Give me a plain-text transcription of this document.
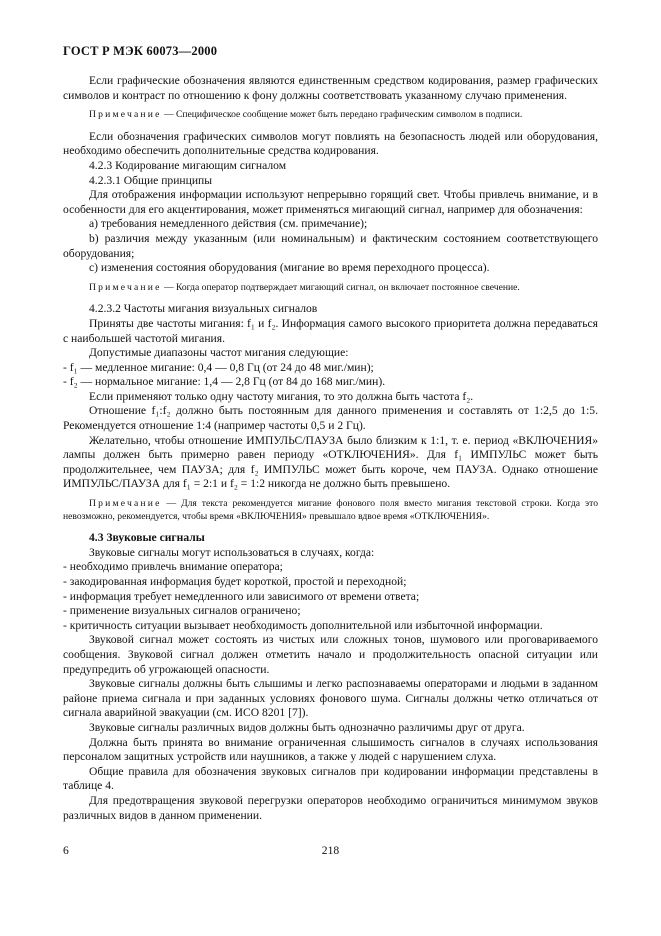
ГОСТ Р МЭК 60073—2000

Если графические обозначения являются единственным средством кодирования, размер графических символов и контраст по отношению к фону должны соответствовать указанному случаю применения.

Примечание — Специфическое сообщение может быть передано графическим символом в подписи.

Если обозначения графических символов могут повлиять на безопасность людей или оборудования, необходимо обеспечить дополнительные средства кодирования.

4.2.3 Кодирование мигающим сигналом

4.2.3.1 Общие принципы

Для отображения информации используют непрерывно горящий свет. Чтобы привлечь внимание, и в особенности для его акцентирования, может применяться мигающий сигнал, например для обозначения:

а) требования немедленного действия (см. примечание);

b) различия между указанным (или номинальным) и фактическим состоянием соответствующего оборудования;

с) изменения состояния оборудования (мигание во время переходного процесса).

Примечание — Когда оператор подтверждает мигающий сигнал, он включает постоянное свечение.

4.2.3.2 Частоты мигания визуальных сигналов

Приняты две частоты мигания: f₁ и f₂. Информация самого высокого приоритета должна передаваться с наибольшей частотой мигания.

Допустимые диапазоны частот мигания следующие:

- f₁ — медленное мигание: 0,4 — 0,8 Гц (от 24 до 48 миг./мин);

- f₂ — нормальное мигание: 1,4 — 2,8 Гц (от 84 до 168 миг./мин).

Если применяют только одну частоту мигания, то это должна быть частота f₂.

Отношение f₁:f₂ должно быть постоянным для данного применения и составлять от 1:2,5 до 1:5. Рекомендуется отношение 1:4 (например частоты 0,5 и 2 Гц).

Желательно, чтобы отношение ИМПУЛЬС/ПАУЗА было близким к 1:1, т. е. период «ВКЛЮЧЕНИЯ» лампы должен быть примерно равен периоду «ОТКЛЮЧЕНИЯ». Для f₁ ИМПУЛЬС может быть продолжительнее, чем ПАУЗА; для f₂ ИМПУЛЬС может быть короче, чем ПАУЗА. Однако отношение ИМПУЛЬС/ПАУЗА для f₁ = 2:1 и f₂ = 1:2 никогда не должно быть превышено.

Примечание — Для текста рекомендуется мигание фонового поля вместо мигания текстовой строки. Когда это невозможно, рекомендуется, чтобы время «ВКЛЮЧЕНИЯ» превышало вдвое время «ОТКЛЮЧЕНИЯ».

4.3 Звуковые сигналы

Звуковые сигналы могут использоваться в случаях, когда:

- необходимо привлечь внимание оператора;

- закодированная информация будет короткой, простой и переходной;

- информация требует немедленного или зависимого от времени ответа;

- применение визуальных сигналов ограничено;

- критичность ситуации вызывает необходимость дополнительной или избыточной информации.

Звуковой сигнал может состоять из чистых или сложных тонов, шумового или проговариваемого сообщения. Звуковой сигнал должен отметить начало и продолжительность опасной ситуации или предупредить об угрожающей опасности.

Звуковые сигналы должны быть слышимы и легко распознаваемы операторами и людьми в заданном районе приема сигнала и при заданных условиях фонового шума. Сигналы должны четко отличаться от сигнала аварийной эвакуации (см. ИСО 8201 [7]).

Звуковые сигналы различных видов должны быть однозначно различимы друг от друга.

Должна быть принята во внимание ограниченная слышимость сигналов в случаях использования персоналом защитных устройств или наушников, а также у людей с нарушением слуха.

Общие правила для обозначения звуковых сигналов при кодировании информации представлены в таблице 4.

Для предотвращения звуковой перегрузки операторов необходимо ограничиться минимумом звуков различных видов в данном применении.

6	218
